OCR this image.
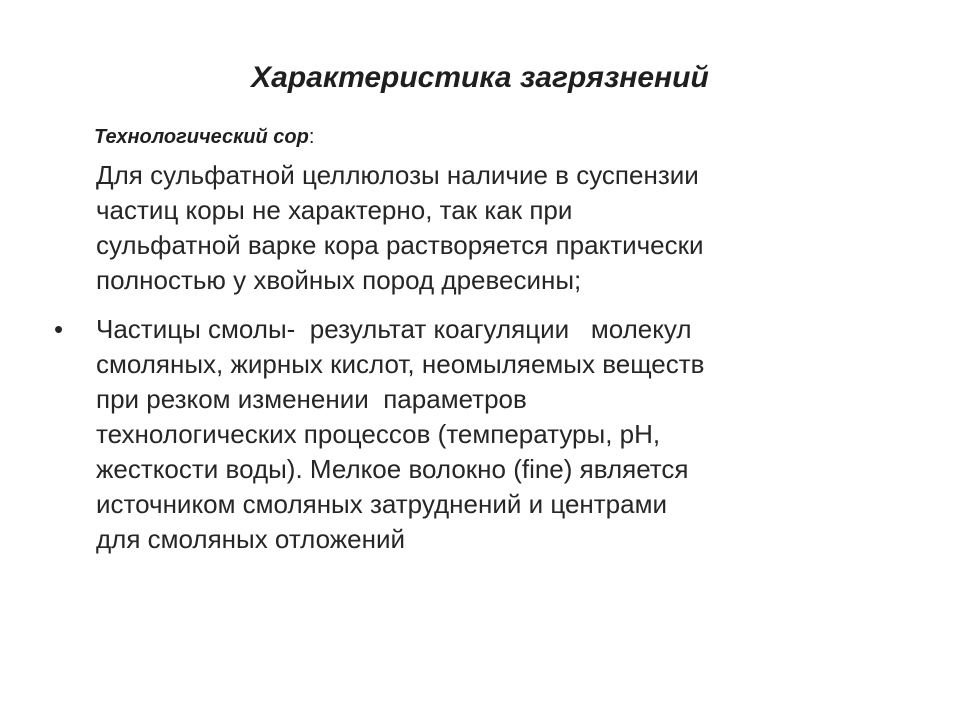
Характеристика загрязнений
Технологический сор:
Для сульфатной целлюлозы наличие в суспензии
частиц коры не характерно, так как при
сульфатной варке кора растворяется практически
полностью у хвойных пород древесины;
• Частицы смолы-  результат коагуляции   молекул
смоляных, жирных кислот, неомыляемых веществ
при резком изменении  параметров
технологических процессов (температуры, pH,
жесткости воды). Мелкое волокно (fine) является
источником смоляных затруднений и центрами
для смоляных отложений
